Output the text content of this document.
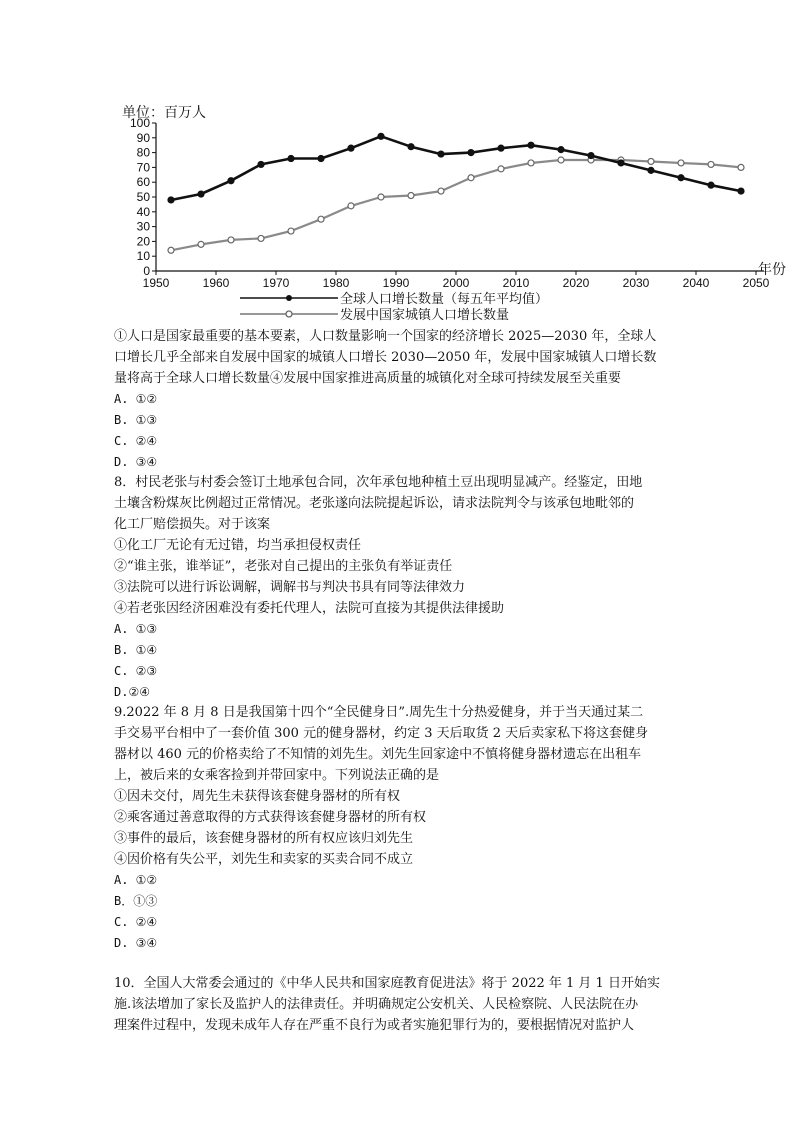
单位：百万人
0
10
20
30
40
50
60
70
80
90
100
1950	1960	1970	1980	1990	2000	2010	2020	2030	2040	2050
年份
全球人口增长数量（每五年平均值）
发展中国家城镇人口增长数量

①人口是国家最重要的基本要素，人口数量影响一个国家的经济增长 2025—2030 年，全球人

口增长几乎全部来自发展中国家的城镇人口增长 2030—2050 年，发展中国家城镇人口增长数

量将高于全球人口增长数量④发展中国家推进高质量的城镇化对全球可持续发展至关重要

A. ①②

B. ①③

C. ②④

D. ③④

8．村民老张与村委会签订土地承包合同，次年承包地种植土豆出现明显减产。经鉴定，田地

土壤含粉煤灰比例超过正常情况。老张遂向法院提起诉讼，请求法院判令与该承包地毗邻的

化工厂赔偿损失。对于该案

①化工厂无论有无过错，均当承担侵权责任

②“谁主张，谁举证”，老张对自己提出的主张负有举证责任

③法院可以进行诉讼调解，调解书与判决书具有同等法律效力

④若老张因经济困难没有委托代理人，法院可直接为其提供法律援助

A. ①③

B. ①④

C. ②③

D.②④

9.2022 年 8 月 8 日是我国第十四个“全民健身日”.周先生十分热爱健身，并于当天通过某二

手交易平台相中了一套价值 300 元的健身器材，约定 3 天后取货 2 天后卖家私下将这套健身

器材以 460 元的价格卖给了不知情的刘先生。刘先生回家途中不慎将健身器材遗忘在出租车

上，被后来的女乘客捡到并带回家中。下列说法正确的是

①因未交付，周先生未获得该套健身器材的所有权

②乘客通过善意取得的方式获得该套健身器材的所有权

③事件的最后，该套健身器材的所有权应该归刘先生

④因价格有失公平，刘先生和卖家的买卖合同不成立

A. ①②

B．①③

C. ②④

D. ③④

10．全国人大常委会通过的《中华人民共和国家庭教育促进法》将于 2022 年 1 月 1 日开始实

施.该法增加了家长及监护人的法律责任。并明确规定公安机关、人民检察院、人民法院在办

理案件过程中，发现未成年人存在严重不良行为或者实施犯罪行为的，要根据情况对监护人
